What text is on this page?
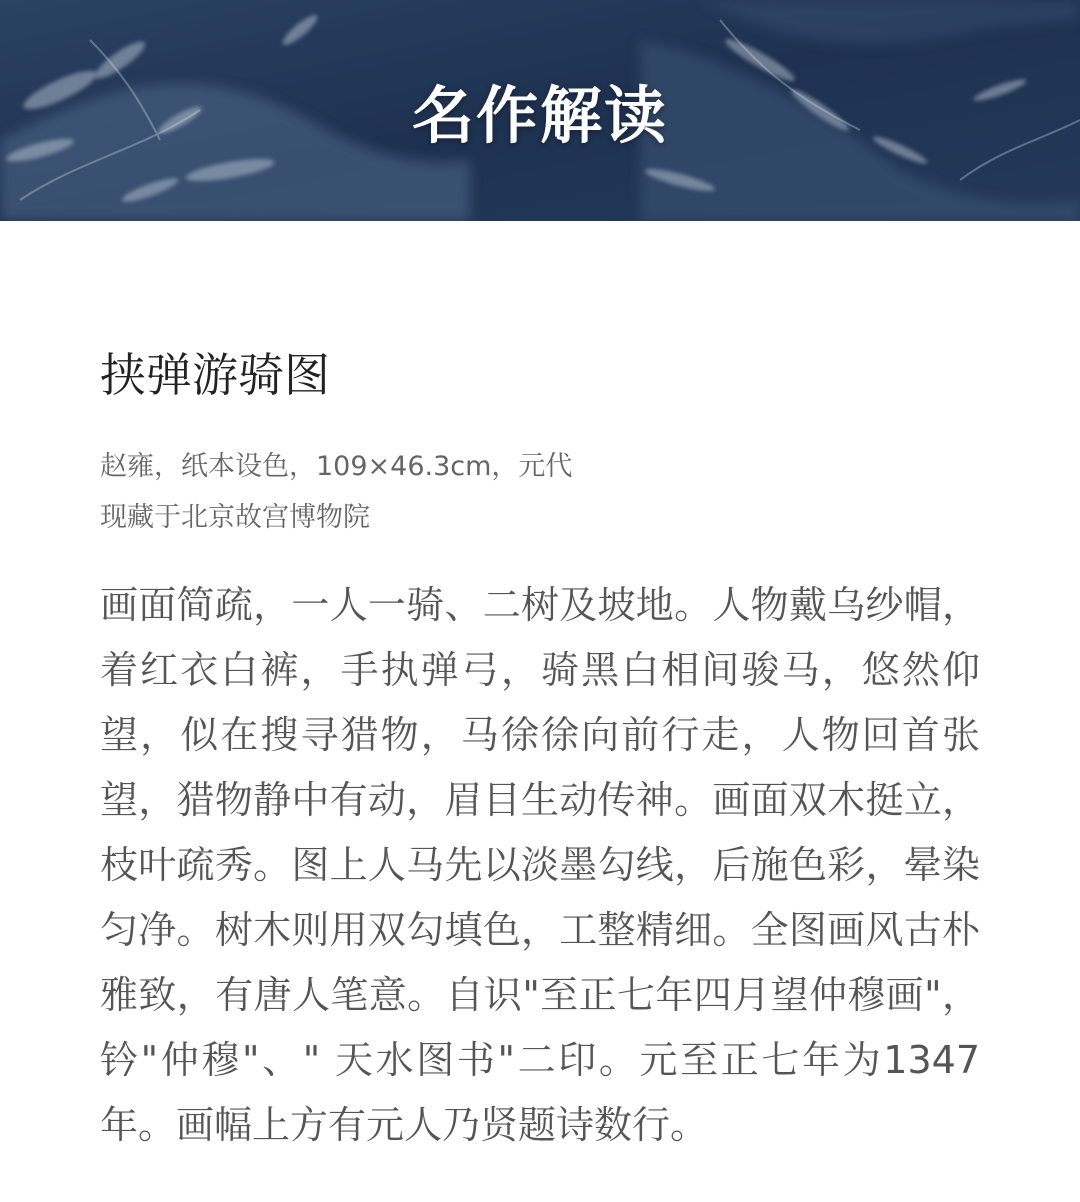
名作解读
挟弹游骑图
赵雍，纸本设色，109×46.3cm，元代
现藏于北京故宫博物院
画面简疏，一人一骑、二树及坡地。人物戴乌纱帽，着红衣白裤，手执弹弓，骑黑白相间骏马，悠然仰望，似在搜寻猎物，马徐徐向前行走，人物回首张望，猎物静中有动，眉目生动传神。画面双木挺立，枝叶疏秀。图上人马先以淡墨勾线，后施色彩，晕染匀净。树木则用双勾填色，工整精细。全图画风古朴雅致，有唐人笔意。自识"至正七年四月望仲穆画"，钤"仲穆"、" 天水图书"二印。元至正七年为1347年。画幅上方有元人乃贤题诗数行。
